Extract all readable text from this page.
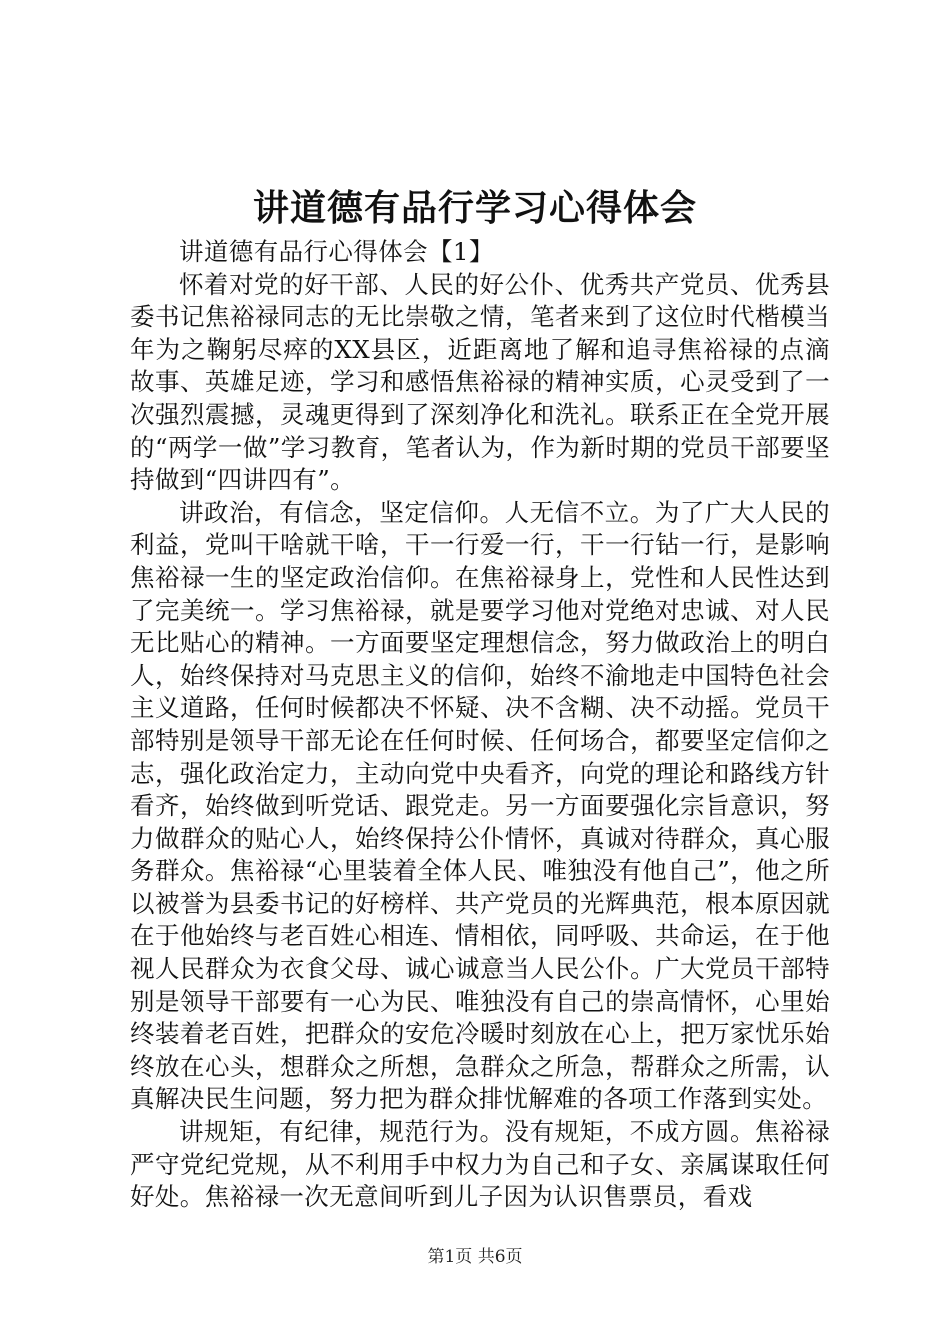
讲道德有品行学习心得体会

讲道德有品行心得体会【1】

怀着对党的好干部、人民的好公仆、优秀共产党员、优秀县委书记焦裕禄同志的无比崇敬之情，笔者来到了这位时代楷模当年为之鞠躬尽瘁的XX县区，近距离地了解和追寻焦裕禄的点滴故事、英雄足迹，学习和感悟焦裕禄的精神实质，心灵受到了一次强烈震撼，灵魂更得到了深刻净化和洗礼。联系正在全党开展的“两学一做”学习教育，笔者认为，作为新时期的党员干部要坚持做到“四讲四有”。

讲政治，有信念，坚定信仰。人无信不立。为了广大人民的利益，党叫干啥就干啥，干一行爱一行，干一行钻一行，是影响焦裕禄一生的坚定政治信仰。在焦裕禄身上，党性和人民性达到了完美统一。学习焦裕禄，就是要学习他对党绝对忠诚、对人民无比贴心的精神。一方面要坚定理想信念，努力做政治上的明白人，始终保持对马克思主义的信仰，始终不渝地走中国特色社会主义道路，任何时候都决不怀疑、决不含糊、决不动摇。党员干部特别是领导干部无论在任何时候、任何场合，都要坚定信仰之志，强化政治定力，主动向党中央看齐，向党的理论和路线方针看齐，始终做到听党话、跟党走。另一方面要强化宗旨意识，努力做群众的贴心人，始终保持公仆情怀，真诚对待群众，真心服务群众。焦裕禄“心里装着全体人民、唯独没有他自己”，他之所以被誉为县委书记的好榜样、共产党员的光辉典范，根本原因就在于他始终与老百姓心相连、情相依，同呼吸、共命运，在于他视人民群众为衣食父母、诚心诚意当人民公仆。广大党员干部特别是领导干部要有一心为民、唯独没有自己的崇高情怀，心里始终装着老百姓，把群众的安危冷暖时刻放在心上，把万家忧乐始终放在心头，想群众之所想，急群众之所急，帮群众之所需，认真解决民生问题，努力把为群众排忧解难的各项工作落到实处。

讲规矩，有纪律，规范行为。没有规矩，不成方圆。焦裕禄严守党纪党规，从不利用手中权力为自己和子女、亲属谋取任何好处。焦裕禄一次无意间听到儿子因为认识售票员，看戏

第1页 共6页
